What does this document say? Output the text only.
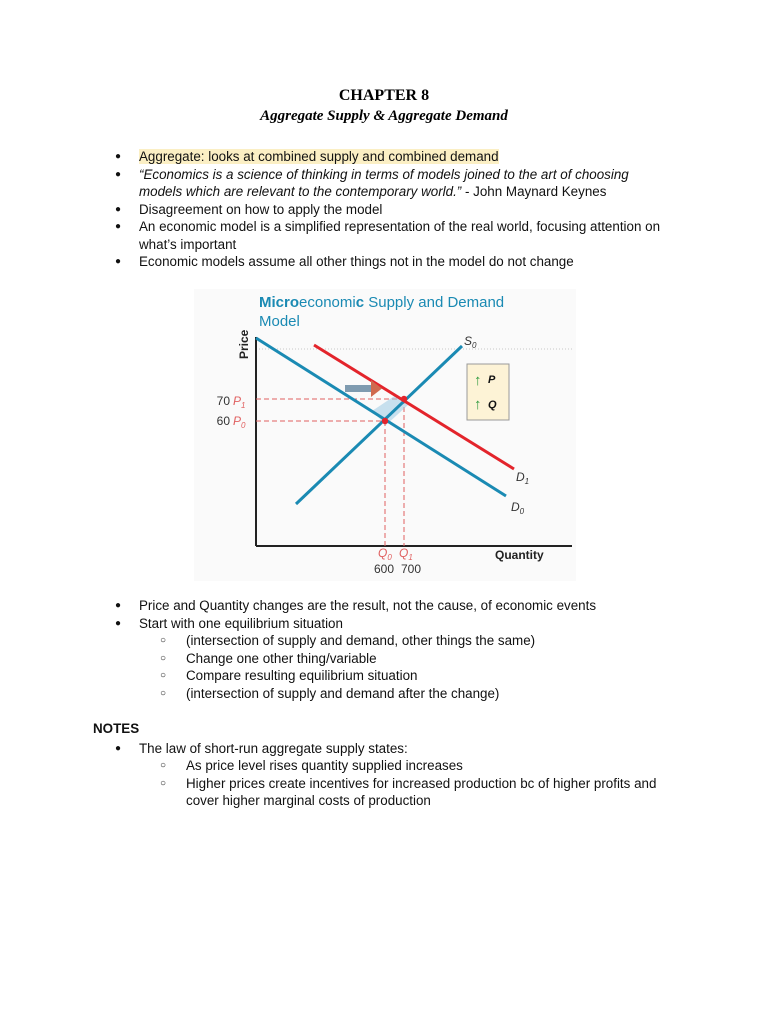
CHAPTER 8
Aggregate Supply & Aggregate Demand
● Aggregate: looks at combined supply and combined demand
● “Economics is a science of thinking in terms of models joined to the art of choosing models which are relevant to the contemporary world.” - John Maynard Keynes
● Disagreement on how to apply the model
● An economic model is a simplified representation of the real world, focusing attention on what’s important
● Economic models assume all other things not in the model do not change
Microeconomic Supply and Demand
Model
Price
Quantity
70 $P_1$
60 $P_0$
$Q_0$ $Q_1$
600 700
$S_0$
$D_1$
$D_0$
↑ P
↑ Q
● Price and Quantity changes are the result, not the cause, of economic events
● Start with one equilibrium situation
○ (intersection of supply and demand, other things the same)
○ Change one other thing/variable
○ Compare resulting equilibrium situation
○ (intersection of supply and demand after the change)
NOTES
● The law of short-run aggregate supply states:
○ As price level rises quantity supplied increases
○ Higher prices create incentives for increased production bc of higher profits and cover higher marginal costs of production
